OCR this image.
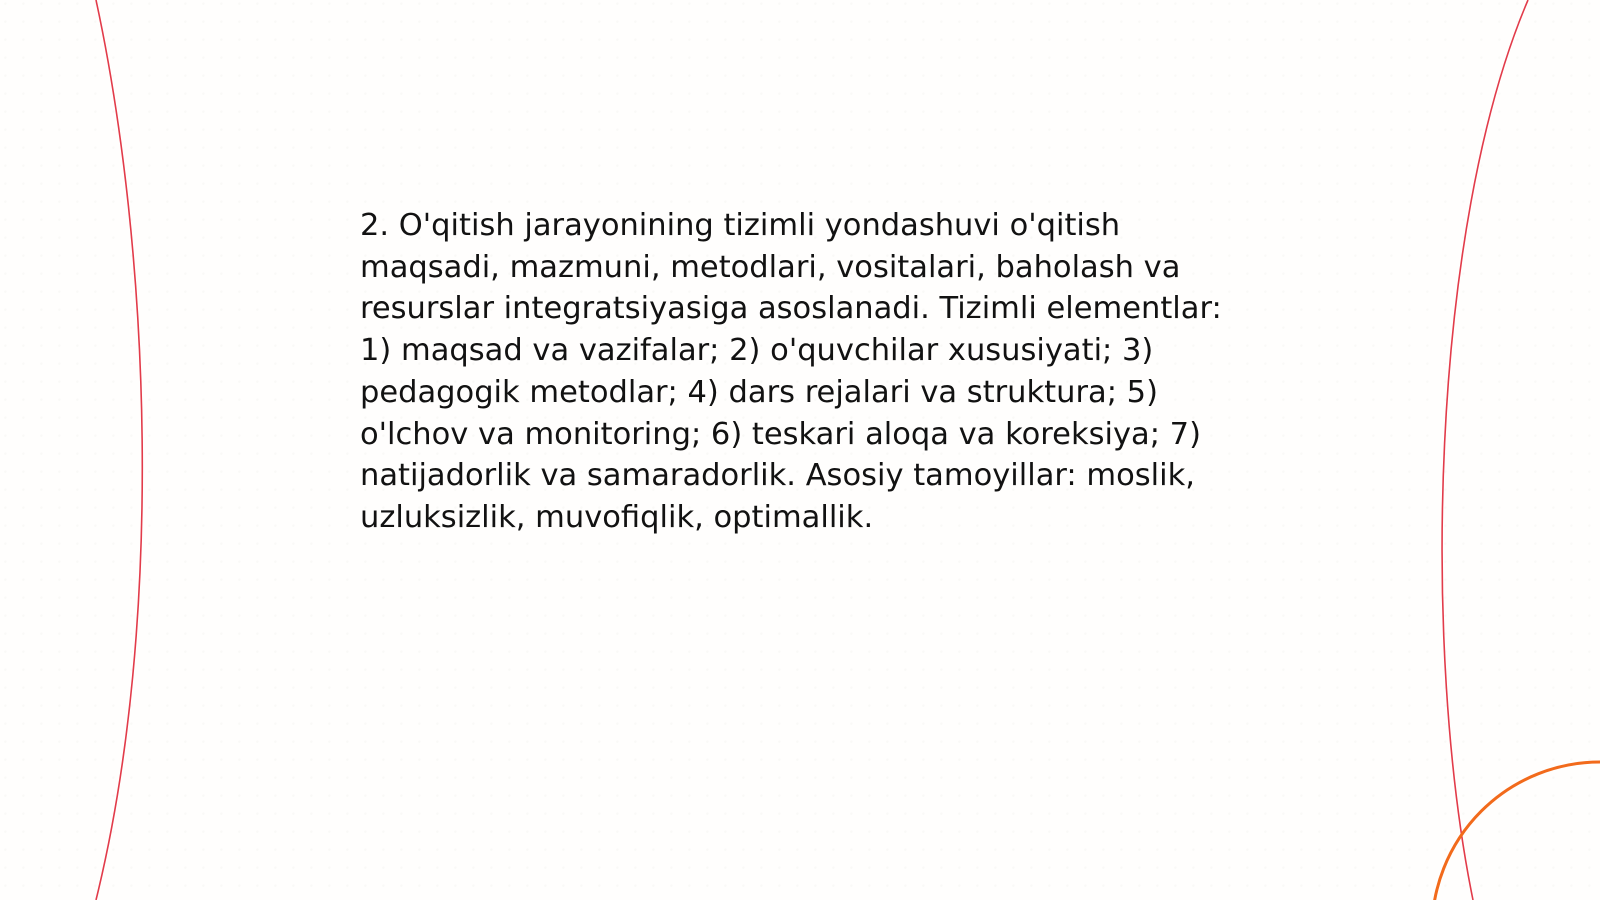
2. O'qitish jarayonining tizimli yondashuvi o'qitish maqsadi, mazmuni, metodlari, vositalari, baholash va resurslar integratsiyasiga asoslanadi. Tizimli elementlar: 1) maqsad va vazifalar; 2) o'quvchilar xususiyati; 3) pedagogik metodlar; 4) dars rejalari va struktura; 5) o'lchov va monitoring; 6) teskari aloqa va koreksiya; 7) natijadorlik va samaradorlik. Asosiy tamoyillar: moslik, uzluksizlik, muvofiqlik, optimallik.
